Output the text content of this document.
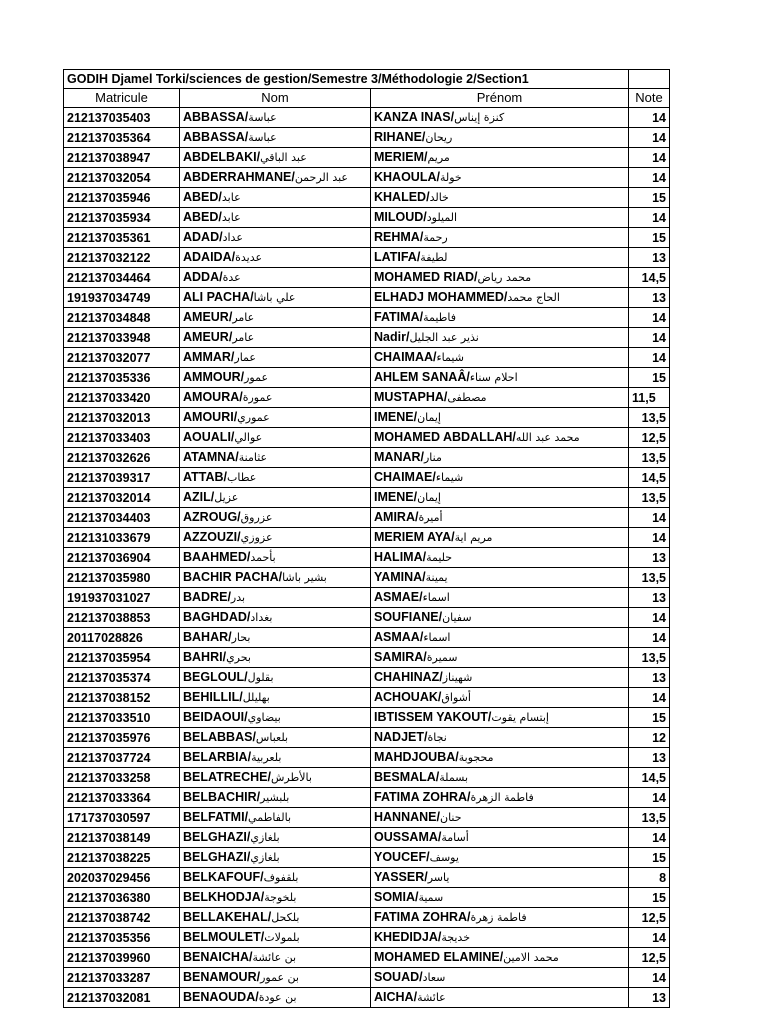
GODIH Djamel Torki/sciences de gestion/Semestre 3/Méthodologie 2/Section1			
Matricule	Nom	Prénom	Note
212137035403	ABBASSA/عباسة	KANZA INAS/كنزة إيناس	14
212137035364	ABBASSA/عباسة	RIHANE/ريحان	14
212137038947	ABDELBAKI/عبد الباقي	MERIEM/مريم	14
212137032054	ABDERRAHMANE/عبد الرحمن	KHAOULA/خولة	14
212137035946	ABED/عابد	KHALED/خالد	15
212137035934	ABED/عابد	MILOUD/الميلود	14
212137035361	ADAD/عداد	REHMA/رحمة	15
212137032122	ADAIDA/عديدة	LATIFA/لطيفة	13
212137034464	ADDA/عدة	MOHAMED RIAD/محمد رياض	14,5
191937034749	ALI PACHA/علي باشا	ELHADJ MOHAMMED/الحاج محمد	13
212137034848	AMEUR/عامر	FATIMA/فاطيمة	14
212137033948	AMEUR/عامر	Nadir/نذير عبد الجليل	14
212137032077	AMMAR/عمار	CHAIMAA/شيماء	14
212137035336	AMMOUR/عمور	AHLEM SANAÂ/احلام سناء	15
212137033420	AMOURA/عمورة	MUSTAPHA/مصطفى	11,5
212137032013	AMOURI/عموري	IMENE/إيمان	13,5
212137033403	AOUALI/عوالي	MOHAMED ABDALLAH/محمد عبد الله	12,5
212137032626	ATAMNA/عثامنة	MANAR/منار	13,5
212137039317	ATTAB/عطاب	CHAIMAE/شيماء	14,5
212137032014	AZIL/عزيل	IMENE/إيمان	13,5
212137034403	AZROUG/عزروق	AMIRA/أميرة	14
212131033679	AZZOUZI/عزوزي	MERIEM AYA/مريم اية	14
212137036904	BAAHMED/بأحمد	HALIMA/حليمة	13
212137035980	BACHIR PACHA/بشير باشا	YAMINA/يمينة	13,5
191937031027	BADRE/بدر	ASMAE/اسماء	13
212137038853	BAGHDAD/بغداد	SOUFIANE/سفيان	14
20117028826	BAHAR/بحار	ASMAA/اسماء	14
212137035954	BAHRI/بحري	SAMIRA/سميرة	13,5
212137035374	BEGLOUL/بقلول	CHAHINAZ/شهيناز	13
212137038152	BEHILLIL/بهليلل	ACHOUAK/أشواق	14
212137033510	BEIDAOUI/بيضاوي	IBTISSEM YAKOUT/إبتسام يقوت	15
212137035976	BELABBAS/بلعباس	NADJET/نجاة	12
212137037724	BELARBIA/بلعربية	MAHDJOUBA/محجوبة	13
212137033258	BELATRECHE/بالأطرش	BESMALA/بسملة	14,5
212137033364	BELBACHIR/بلبشير	FATIMA ZOHRA/فاطمة الزهرة	14
171737030597	BELFATMI/بالفاطمي	HANNANE/حنان	13,5
212137038149	BELGHAZI/بلغازي	OUSSAMA/أسامة	14
212137038225	BELGHAZI/بلغازي	YOUCEF/يوسف	15
202037029456	BELKAFOUF/بلقفوف	YASSER/ياسر	8
212137036380	BELKHODJA/بلخوجة	SOMIA/سمية	15
212137038742	BELLAKEHAL/بلكحل	FATIMA ZOHRA/فاطمة زهرة	12,5
212137035356	BELMOULET/بلمولات	KHEDIDJA/خديجة	14
212137039960	BENAICHA/بن عائشة	MOHAMED ELAMINE/محمد الامين	12,5
212137033287	BENAMOUR/بن عمور	SOUAD/سعاد	14
212137032081	BENAOUDA/بن عودة	AICHA/عائشة	13
